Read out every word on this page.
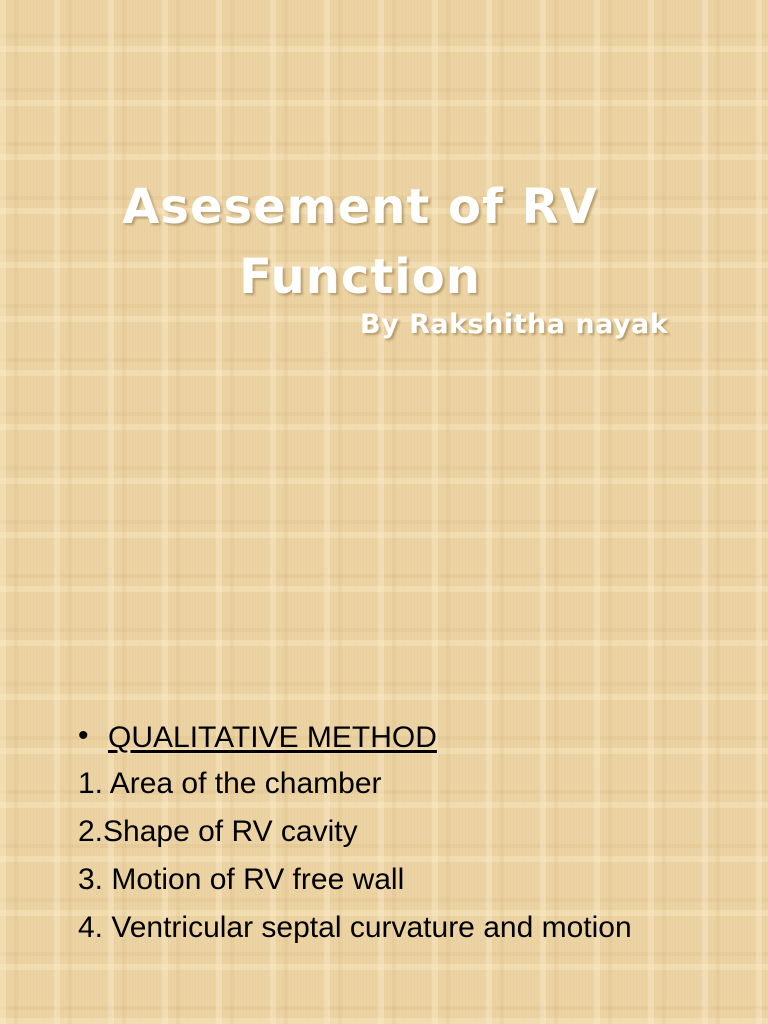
Asesement of RV
Function
By Rakshitha nayak
• QUALITATIVE METHOD
1. Area of the chamber
2.Shape of RV cavity
3. Motion of RV free wall
4. Ventricular septal curvature and motion
